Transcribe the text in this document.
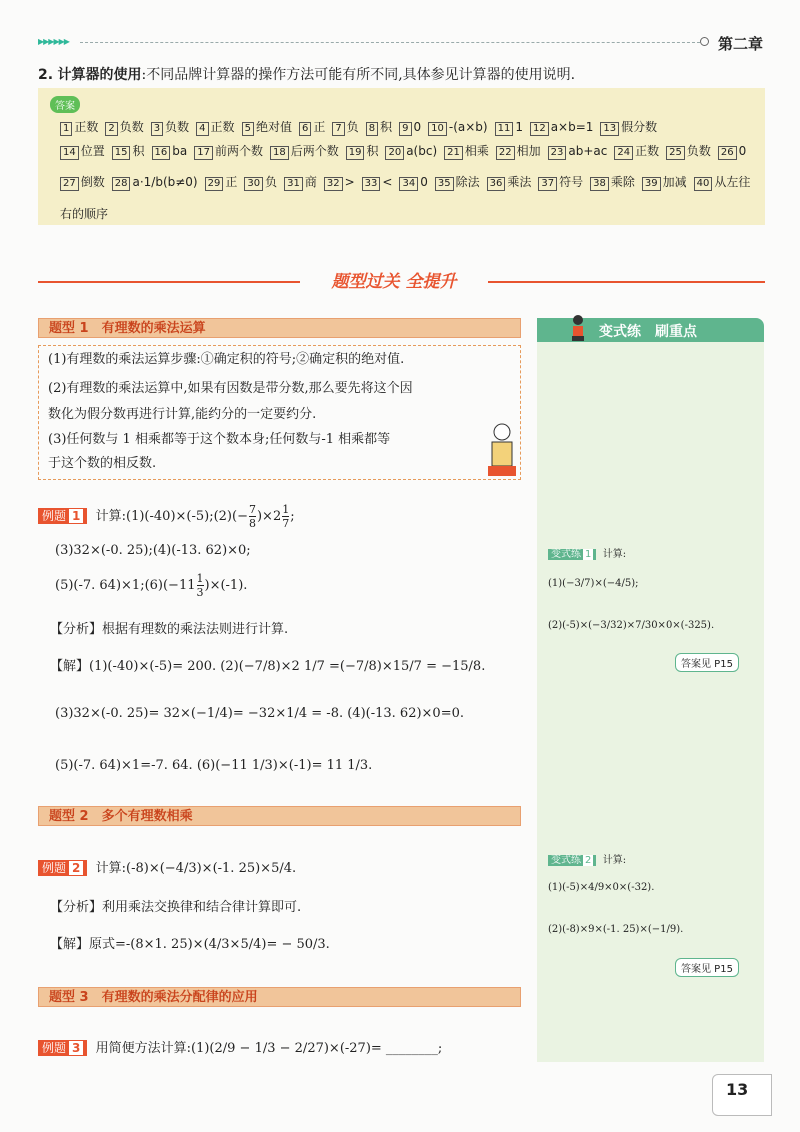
▶▶▶▶▶▶	第二章
2. 计算器的使用:不同品牌计算器的操作方法可能有所不同,具体参见计算器的使用说明.
答案
1 正数 2 负数 3 负数 4 正数 5 绝对值 6 正 7 负 8 积 9 0 10 -(a×b) 11 1 12 a×b=1 13 假分数
14 位置 15 积 16 ba 17 前两个数 18 后两个数 19 积 20 a(bc) 21 相乘 22 相加 23 ab+ac 24 正数 25 负数 26 0
27 倒数 28 a·1/b(b≠0) 29 正 30 负 31 商 32 > 33 < 34 0 35 除法 36 乘法 37 符号 38 乘除 39 加减 40 从左往
右的顺序
题型过关 全提升
题型 1　有理数的乘法运算
(1)有理数的乘法运算步骤:①确定积的符号;②确定积的绝对值.
(2)有理数的乘法运算中,如果有因数是带分数,那么要先将这个因
数化为假分数再进行计算,能约分的一定要约分.
(3)任何数与 1 相乘都等于这个数本身;任何数与-1 相乘都等
于这个数的相反数.
例题 1 计算:(1)(-40)×(-5);(2)(− $\frac{7}{8} )\times 2 \frac{1}{7}$ ;
(3)32×(-0. 25);(4)(-13. 62)×0;
(5)(-7. 64)×1;(6)(−11 $\frac{1}{3} )\times(-1)$.
【分析】根据有理数的乘法法则进行计算.
【解】(1)(-40)×(-5)= 200. (2)(−7/8)×2 1/7 =(−7/8)×15/7 = −15/8.
(3)32×(-0. 25)= 32×(−1/4)= −32×1/4 = -8. (4)(-13. 62)×0=0.
(5)(-7. 64)×1=-7. 64. (6)(−11 1/3)×(-1)= 11 1/3.
题型 2　多个有理数相乘
例题 2 计算:(-8)×(−4/3)×(-1. 25)×5/4.
【分析】利用乘法交换律和结合律计算即可.
【解】原式=-(8×1. 25)×(4/3×5/4)= − 50/3.
题型 3　有理数的乘法分配律的应用
例题 3 用简便方法计算:(1)(2/9 − 1/3 − 2/27)×(-27)= ________;
变式练　刷重点
变式练 1 计算:
(1)(−3/7)×(−4/5);
(2)(-5)×(−3/32)×7/30×0×(-325).
答案见 P15
变式练 2 计算:
(1)(-5)×4/9×0×(-32).
(2)(-8)×9×(-1. 25)×(−1/9).
答案见 P15
13
